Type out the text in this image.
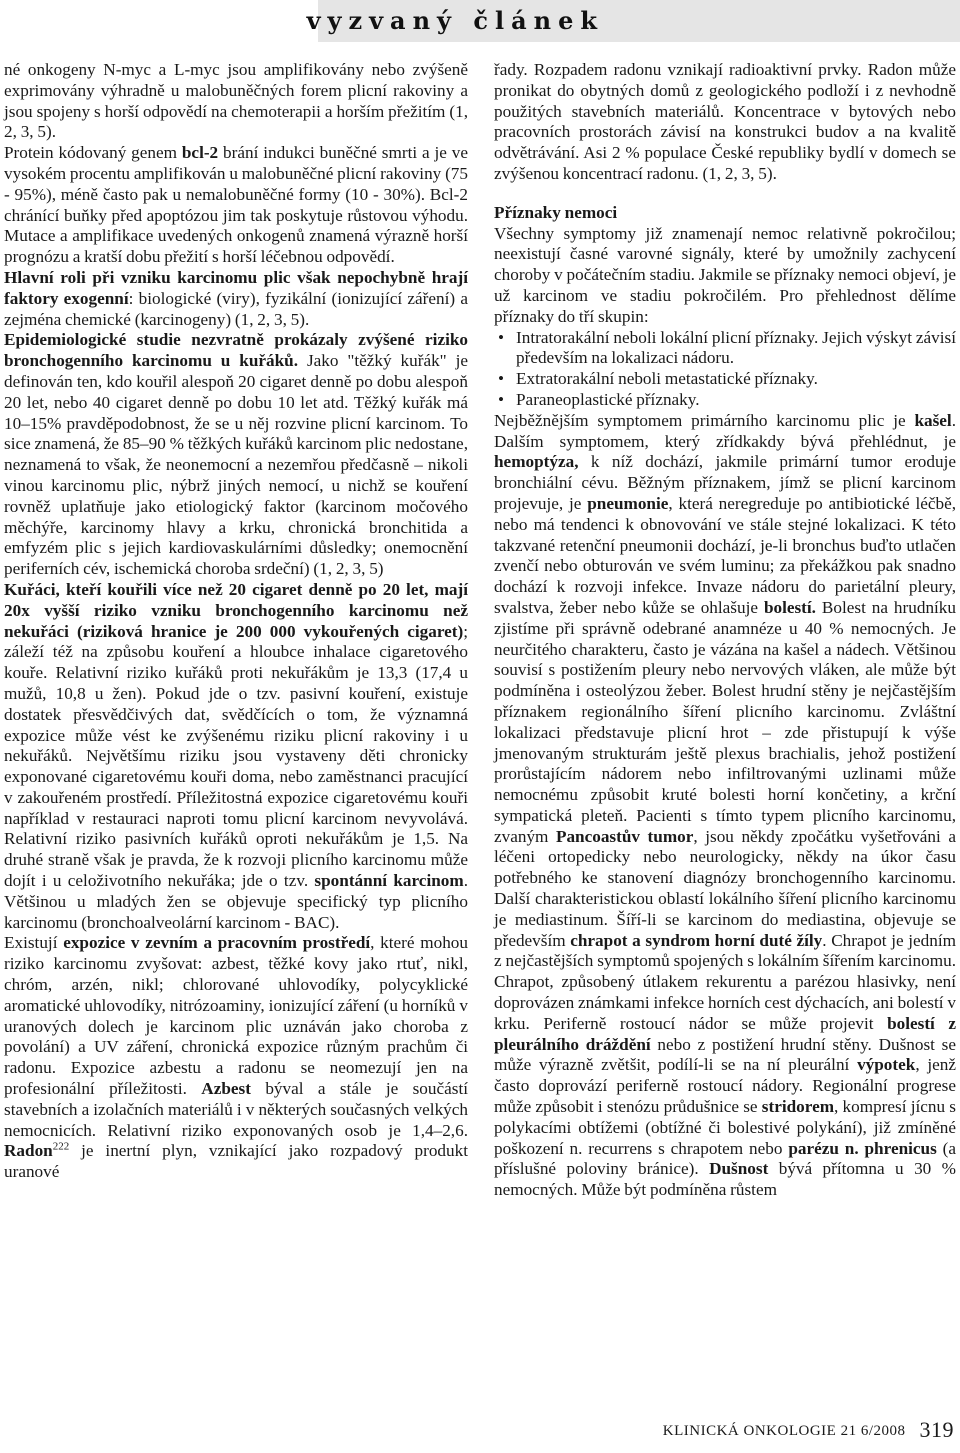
vyzvaný článek

né onkogeny N-myc a L-myc jsou amplifikovány nebo zvýšeně exprimovány výhradně u malobuněčných forem plicní rakoviny a jsou spojeny s horší odpovědí na chemoterapii a horším přežitím (1, 2, 3, 5).

Protein kódovaný genem bcl-2 brání indukci buněčné smrti a je ve vysokém procentu amplifikován u malobuněčné plicní rakoviny (75 - 95%), méně často pak u nemalobuněčné formy (10 - 30%). Bcl-2 chránící buňky před apoptózou jim tak poskytuje růstovou výhodu. Mutace a amplifikace uvedených onkogenů znamená výrazně horší prognózu a kratší dobu přežití s horší léčebnou odpovědí.

Hlavní roli při vzniku karcinomu plic však nepochybně hrají faktory exogenní: biologické (viry), fyzikální (ionizující záření) a zejména chemické (karcinogeny) (1, 2, 3, 5).

Epidemiologické studie nezvratně prokázaly zvýšené riziko bronchogenního karcinomu u kuřáků. Jako "těžký kuřák" je definován ten, kdo kouřil alespoň 20 cigaret denně po dobu alespoň 20 let, nebo 40 cigaret denně po dobu 10 let atd. Těžký kuřák má 10–15% pravděpodobnost, že se u něj rozvine plicní karcinom. To sice znamená, že 85–90 % těžkých kuřáků karcinom plic nedostane, neznamená to však, že neonemocní a nezemřou předčasně – nikoli vinou karcinomu plic, nýbrž jiných nemocí, u nichž se kouření rovněž uplatňuje jako etiologický faktor (karcinom močového měchýře, karcinomy hlavy a krku, chronická bronchitida a emfyzém plic s jejich kardiovaskulárními důsledky; onemocnění periferních cév, ischemická choroba srdeční) (1, 2, 3, 5)

Kuřáci, kteří kouřili více než 20 cigaret denně po 20 let, mají 20x vyšší riziko vzniku bronchogenního karcinomu než nekuřáci (riziková hranice je 200 000 vykouřených cigaret); záleží též na způsobu kouření a hloubce inhalace cigaretového kouře. Relativní riziko kuřáků proti nekuřákům je 13,3 (17,4 u mužů, 10,8 u žen). Pokud jde o tzv. pasivní kouření, existuje dostatek přesvědčivých dat, svědčících o tom, že významná expozice může vést ke zvýšenému riziku plicní rakoviny i u nekuřáků. Největšímu riziku jsou vystaveny děti chronicky exponované cigaretovému kouři doma, nebo zaměstnanci pracující v zakouřeném prostředí. Příležitostná expozice cigaretovému kouři například v restauraci naproti tomu plicní karcinom nevyvolává. Relativní riziko pasivních kuřáků oproti nekuřákům je 1,5. Na druhé straně však je pravda, že k rozvoji plicního karcinomu může dojít i u celoživotního nekuřáka; jde o tzv. spontánní karcinom. Většinou u mladých žen se objevuje specifický typ plicního karcinomu (bronchoalveolární karcinom - BAC).

Existují expozice v zevním a pracovním prostředí, které mohou riziko karcinomu zvyšovat: azbest, těžké kovy jako rtuť, nikl, chróm, arzén, nikl; chlorované uhlovodíky, polycyklické aromatické uhlovodíky, nitrózoaminy, ionizující záření (u horníků v uranových dolech je karcinom plic uznáván jako choroba z povolání) a UV záření, chronická expozice různým prachům či radonu. Expozice azbestu a radonu se neomezují jen na profesionální příležitosti. Azbest býval a stále je součástí stavebních a izolačních materiálů i v některých současných velkých nemocnicích. Relativní riziko exponovaných osob je 1,4–2,6. Radon$^{222}$ je inertní plyn, vznikající jako rozpadový produkt uranové

řady. Rozpadem radonu vznikají radioaktivní prvky. Radon může pronikat do obytných domů z geologického podloží i z nevhodně použitých stavebních materiálů. Koncentrace v bytových nebo pracovních prostorách závisí na konstrukci budov a na kvalitě odvětrávání. Asi 2 % populace České republiky bydlí v domech se zvýšenou koncentrací radonu. (1, 2, 3, 5).

Příznaky nemoci

Všechny symptomy již znamenají nemoc relativně pokročilou; neexistují časné varovné signály, které by umožnily zachycení choroby v počátečním stadiu. Jakmile se příznaky nemoci objeví, je už karcinom ve stadiu pokročilém. Pro přehlednost dělíme příznaky do tří skupin:

• Intratorakální neboli lokální plicní příznaky. Jejich výskyt závisí především na lokalizaci nádoru.
• Extratorakální neboli metastatické příznaky.
• Paraneoplastické příznaky.

Nejběžnějším symptomem primárního karcinomu plic je kašel. Dalším symptomem, který zřídkakdy bývá přehlédnut, je hemoptýza, k níž dochází, jakmile primární tumor eroduje bronchiální cévu. Běžným příznakem, jímž se plicní karcinom projevuje, je pneumonie, která neregreduje po antibiotické léčbě, nebo má tendenci k obnovování ve stále stejné lokalizaci. K této takzvané retenční pneumonii dochází, je-li bronchus buďto utlačen zvenčí nebo obturován ve svém luminu; za překážkou pak snadno dochází k rozvoji infekce. Invaze nádoru do parietální pleury, svalstva, žeber nebo kůže se ohlašuje bolestí. Bolest na hrudníku zjistíme při správně odebrané anamnéze u 40 % nemocných. Je neurčitého charakteru, často je vázána na kašel a nádech. Většinou souvisí s postižením pleury nebo nervových vláken, ale může být podmíněna i osteolýzou žeber. Bolest hrudní stěny je nejčastějším příznakem regionálního šíření plicního karcinomu. Zvláštní lokalizaci představuje plicní hrot – zde přistupují k výše jmenovaným strukturám ještě plexus brachialis, jehož postižení prorůstajícím nádorem nebo infiltrovanými uzlinami může nemocnému způsobit kruté bolesti horní končetiny, a krční sympatická pleteň. Pacienti s tímto typem plicního karcinomu, zvaným Pancoastův tumor, jsou někdy zpočátku vyšetřováni a léčeni ortopedicky nebo neurologicky, někdy na úkor času potřebného ke stanovení diagnózy bronchogenního karcinomu. Další charakteristickou oblastí lokálního šíření plicního karcinomu je mediastinum. Šíří-li se karcinom do mediastina, objevuje se především chrapot a syndrom horní duté žíly. Chrapot je jedním z nejčastějších symptomů spojených s lokálním šířením karcinomu. Chrapot, způsobený útlakem rekurentu a parézou hlasivky, není doprovázen známkami infekce horních cest dýchacích, ani bolestí v krku. Periferně rostoucí nádor se může projevit bolestí z pleurálního dráždění nebo z postižení hrudní stěny. Dušnost se může výrazně zvětšit, podílí-li se na ní pleurální výpotek, jenž často doprovází periferně rostoucí nádory. Regionální progrese může způsobit i stenózu průdušnice se stridorem, kompresí jícnu s polykacími obtížemi (obtížné či bolestivé polykání), již zmíněné poškození n. recurrens s chrapotem nebo parézu n. phrenicus (a příslušné poloviny bránice). Dušnost bývá přítomna u 30 % nemocných. Může být podmíněna růstem

KLINICKÁ ONKOLOGIE 21 6/2008 319
